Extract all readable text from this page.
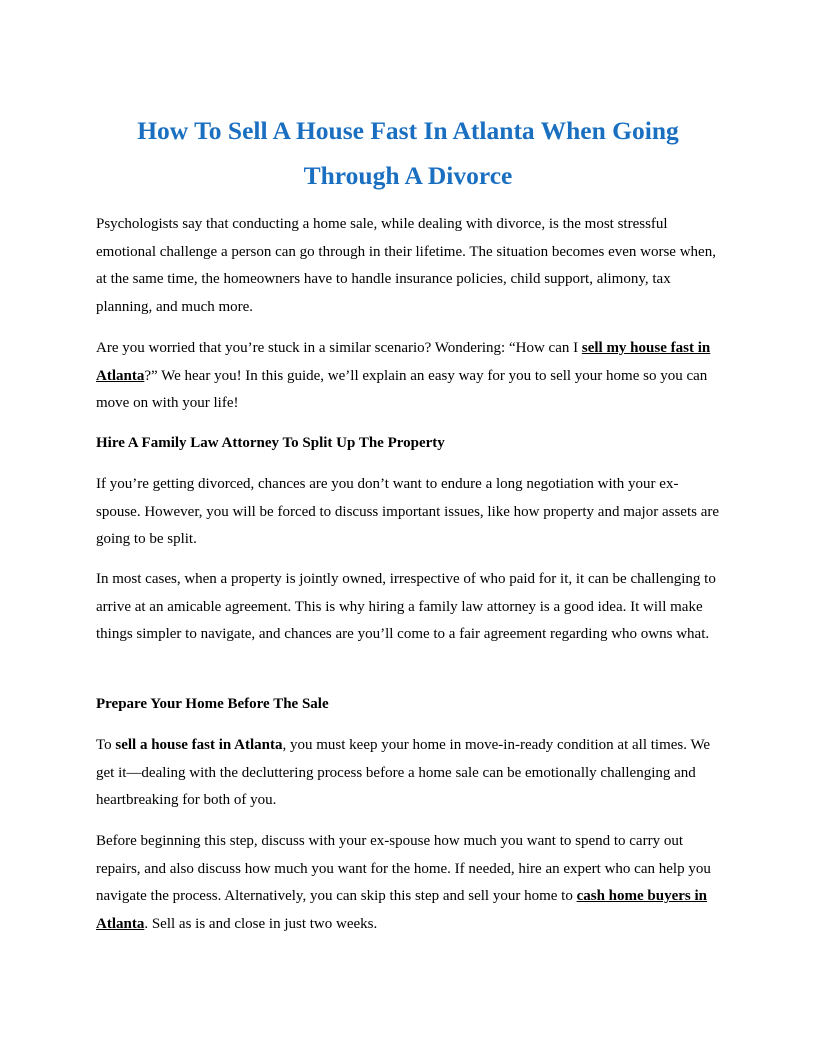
How To Sell A House Fast In Atlanta When Going Through A Divorce

Psychologists say that conducting a home sale, while dealing with divorce, is the most stressful emotional challenge a person can go through in their lifetime. The situation becomes even worse when, at the same time, the homeowners have to handle insurance policies, child support, alimony, tax planning, and much more.

Are you worried that you’re stuck in a similar scenario? Wondering: “How can I sell my house fast in Atlanta?” We hear you! In this guide, we’ll explain an easy way for you to sell your home so you can move on with your life!

Hire A Family Law Attorney To Split Up The Property

If you’re getting divorced, chances are you don’t want to endure a long negotiation with your ex-spouse. However, you will be forced to discuss important issues, like how property and major assets are going to be split.

In most cases, when a property is jointly owned, irrespective of who paid for it, it can be challenging to arrive at an amicable agreement. This is why hiring a family law attorney is a good idea. It will make things simpler to navigate, and chances are you’ll come to a fair agreement regarding who owns what.

Prepare Your Home Before The Sale

To sell a house fast in Atlanta, you must keep your home in move-in-ready condition at all times. We get it—dealing with the decluttering process before a home sale can be emotionally challenging and heartbreaking for both of you.

Before beginning this step, discuss with your ex-spouse how much you want to spend to carry out repairs, and also discuss how much you want for the home. If needed, hire an expert who can help you navigate the process. Alternatively, you can skip this step and sell your home to cash home buyers in Atlanta. Sell as is and close in just two weeks.
